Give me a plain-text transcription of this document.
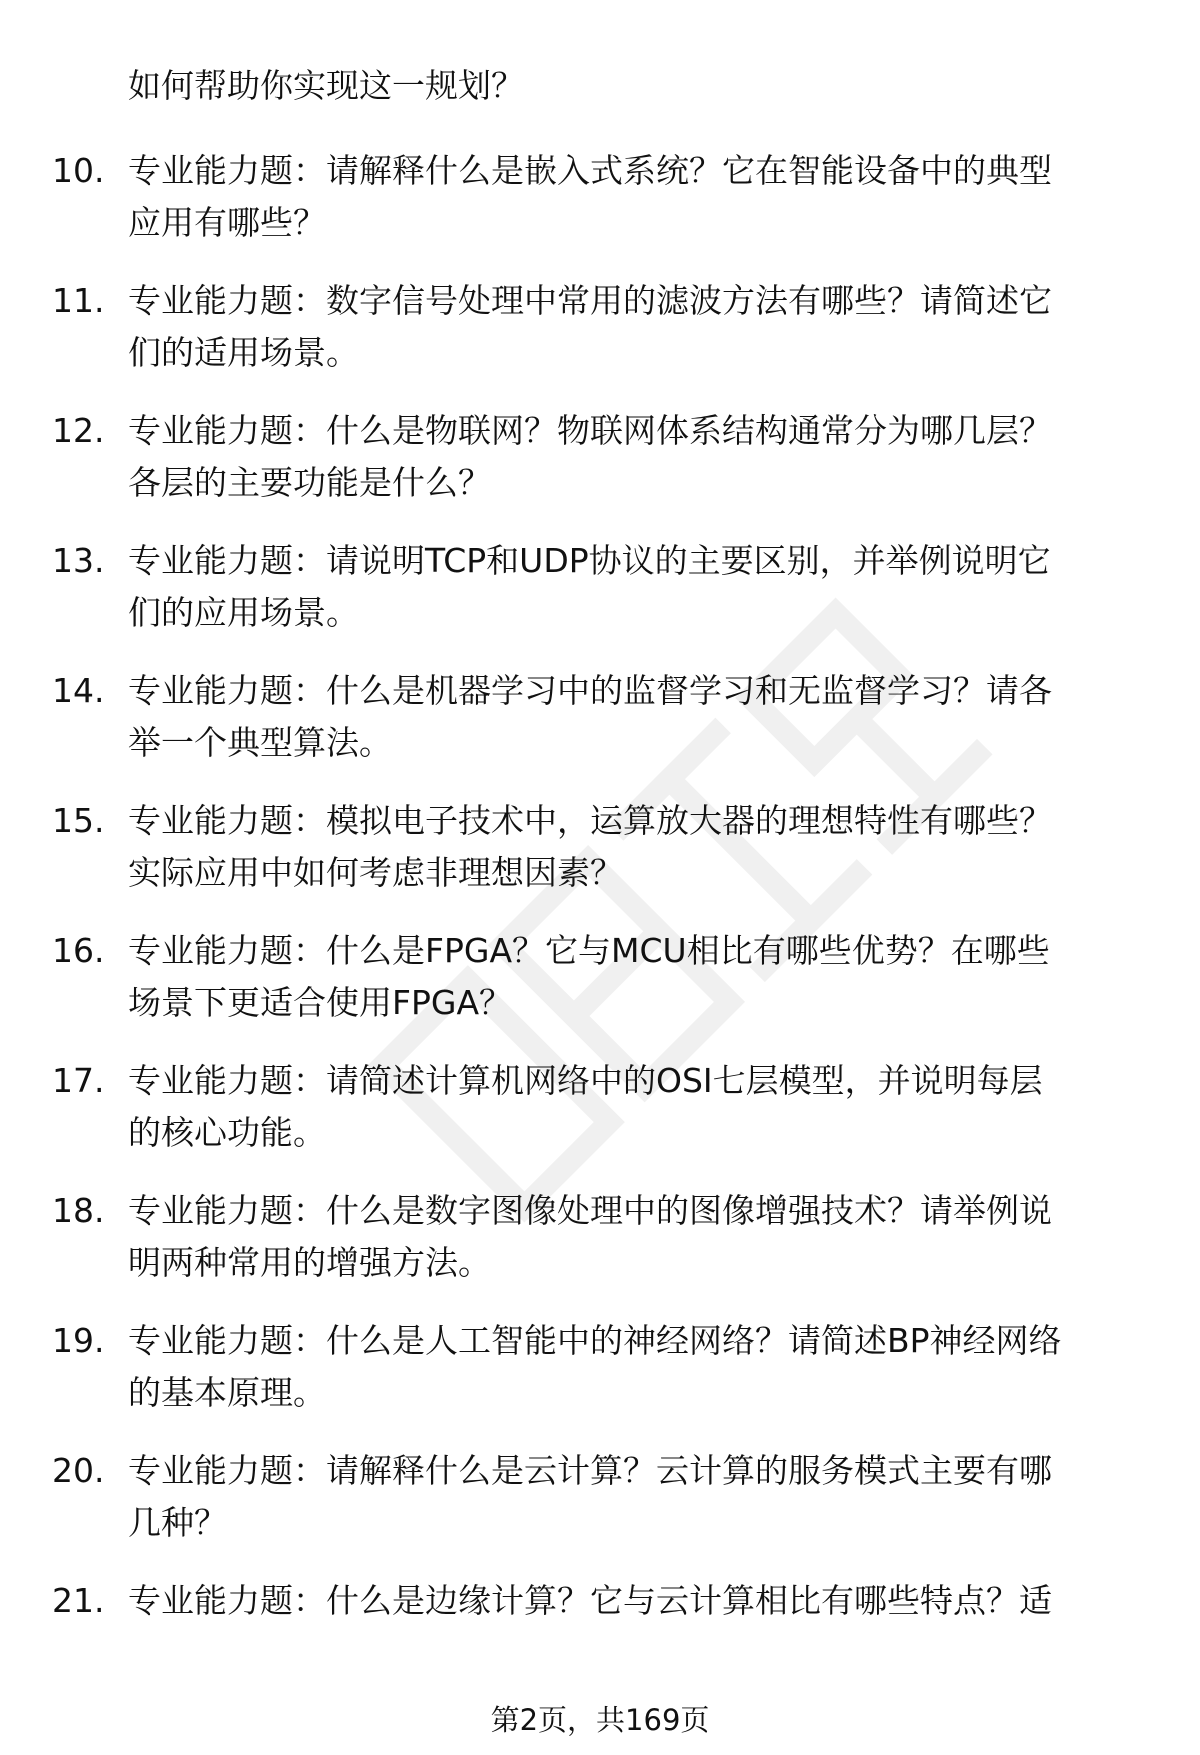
如何帮助你实现这一规划？
10. 专业能力题：请解释什么是嵌入式系统？它在智能设备中的典型
应用有哪些？
11. 专业能力题：数字信号处理中常用的滤波方法有哪些？请简述它
们的适用场景。
12. 专业能力题：什么是物联网？物联网体系结构通常分为哪几层？
各层的主要功能是什么？
13. 专业能力题：请说明TCP和UDP协议的主要区别，并举例说明它
们的应用场景。
14. 专业能力题：什么是机器学习中的监督学习和无监督学习？请各
举一个典型算法。
15. 专业能力题：模拟电子技术中，运算放大器的理想特性有哪些？
实际应用中如何考虑非理想因素？
16. 专业能力题：什么是FPGA？它与MCU相比有哪些优势？在哪些
场景下更适合使用FPGA？
17. 专业能力题：请简述计算机网络中的OSI七层模型，并说明每层
的核心功能。
18. 专业能力题：什么是数字图像处理中的图像增强技术？请举例说
明两种常用的增强方法。
19. 专业能力题：什么是人工智能中的神经网络？请简述BP神经网络
的基本原理。
20. 专业能力题：请解释什么是云计算？云计算的服务模式主要有哪
几种？
21. 专业能力题：什么是边缘计算？它与云计算相比有哪些特点？适
第2页，共169页
